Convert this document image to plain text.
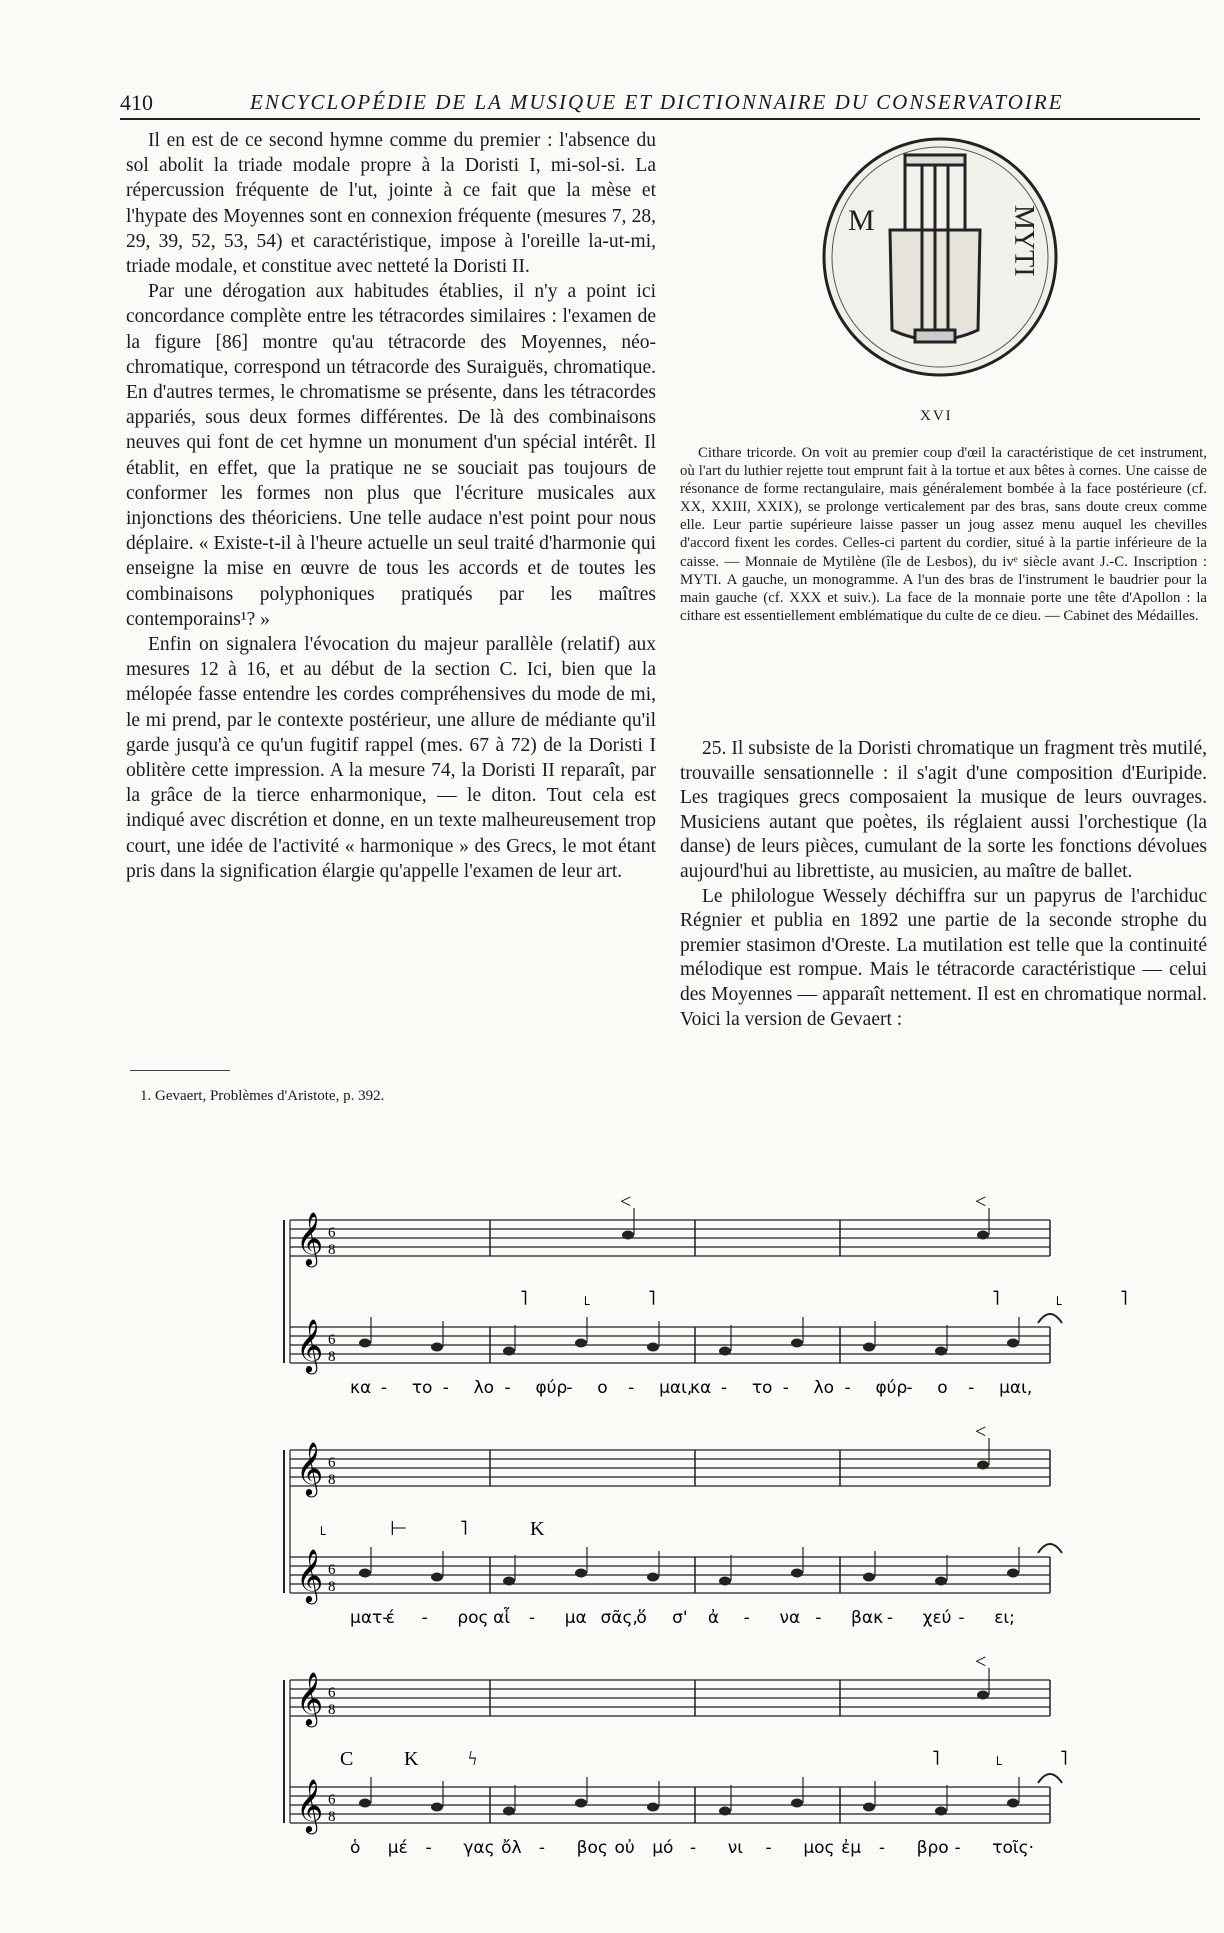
410	ENCYCLOPÉDIE DE LA MUSIQUE ET DICTIONNAIRE DU CONSERVATOIRE

Il en est de ce second hymne comme du premier : l'absence du sol abolit la triade modale propre à la Doristi I, mi-sol-si. La répercussion fréquente de l'ut, jointe à ce fait que la mèse et l'hypate des Moyennes sont en connexion fréquente (mesures 7, 28, 29, 39, 52, 53, 54) et caractéristique, impose à l'oreille la-ut-mi, triade modale, et constitue avec netteté la Doristi II.

Par une dérogation aux habitudes établies, il n'y a point ici concordance complète entre les tétracordes similaires : l'examen de la figure [86] montre qu'au tétracorde des Moyennes, néo-chromatique, correspond un tétracorde des Suraiguës, chromatique. En d'autres termes, le chromatisme se présente, dans les tétracordes appariés, sous deux formes différentes. De là des combinaisons neuves qui font de cet hymne un monument d'un spécial intérêt. Il établit, en effet, que la pratique ne se souciait pas toujours de conformer les formes non plus que l'écriture musicales aux injonctions des théoriciens. Une telle audace n'est point pour nous déplaire. « Existe-t-il à l'heure actuelle un seul traité d'harmonie qui enseigne la mise en œuvre de tous les accords et de toutes les combinaisons polyphoniques pratiqués par les maîtres contemporains¹? »

Enfin on signalera l'évocation du majeur parallèle (relatif) aux mesures 12 à 16, et au début de la section C. Ici, bien que la mélopée fasse entendre les cordes compréhensives du mode de mi, le mi prend, par le contexte postérieur, une allure de médiante qu'il garde jusqu'à ce qu'un fugitif rappel (mes. 67 à 72) de la Doristi I oblitère cette impression. A la mesure 74, la Doristi II reparaît, par la grâce de la tierce enharmonique, — le diton. Tout cela est indiqué avec discrétion et donne, en un texte malheureusement trop court, une idée de l'activité « harmonique » des Grecs, le mot étant pris dans la signification élargie qu'appelle l'examen de leur art.

1. Gevaert, Problèmes d'Aristote, p. 392.
M	ΜΥΤΙ
XVI

Cithare tricorde. On voit au premier coup d'œil la caractéristique de cet instrument, où l'art du luthier rejette tout emprunt fait à la tortue et aux bêtes à cornes. Une caisse de résonance de forme rectangulaire, mais généralement bombée à la face postérieure (cf. XX, XXIII, XXIX), se prolonge verticalement par des bras, sans doute creux comme elle. Leur partie supérieure laisse passer un joug assez menu auquel les chevilles d'accord fixent les cordes. Celles-ci partent du cordier, situé à la partie inférieure de la caisse. — Monnaie de Mytilène (île de Lesbos), du ivᵉ siècle avant J.-C. Inscription : ΜΥΤΙ. A gauche, un monogramme. A l'un des bras de l'instrument le baudrier pour la main gauche (cf. XXX et suiv.). La face de la monnaie porte une tête d'Apollon : la cithare est essentiellement emblématique du culte de ce dieu. — Cabinet des Médailles.

25. Il subsiste de la Doristi chromatique un fragment très mutilé, trouvaille sensationnelle : il s'agit d'une composition d'Euripide. Les tragiques grecs composaient la musique de leurs ouvrages. Musiciens autant que poètes, ils réglaient aussi l'orchestique (la danse) de leurs pièces, cumulant de la sorte les fonctions dévolues aujourd'hui au librettiste, au musicien, au maître de ballet.

Le philologue Wessely déchiffra sur un papyrus de l'archiduc Régnier et publia en 1892 une partie de la seconde strophe du premier stasimon d'Oreste. La mutilation est telle que la continuité mélodique est rompue. Mais le tétracorde caractéristique — celui des Moyennes — apparaît nettement. Il est en chromatique normal. Voici la version de Gevaert :

𝄞 6
8
𝄞 6
8
<	<
˥	˪	˥	˥	˪	˥
κα - το - λο - φύρ - ο - μαι,
κα - το - λο - φύρ - ο - μαι,
𝄞 6
8
𝄞 6
8
<
˪	⊢	˥	K
ματ-
έ - ρος αἷ - μα σᾶς,
ὅ σ' ἀ - να - βακ - χεύ - ει;
𝄞 6
8
𝄞 6
8
<
C	K ϟ	˥	˪	˥
ὁ μέ - γας ὄλ - βος οὐ μό - νι - μος ἐμ - βρο - τοῖς·
